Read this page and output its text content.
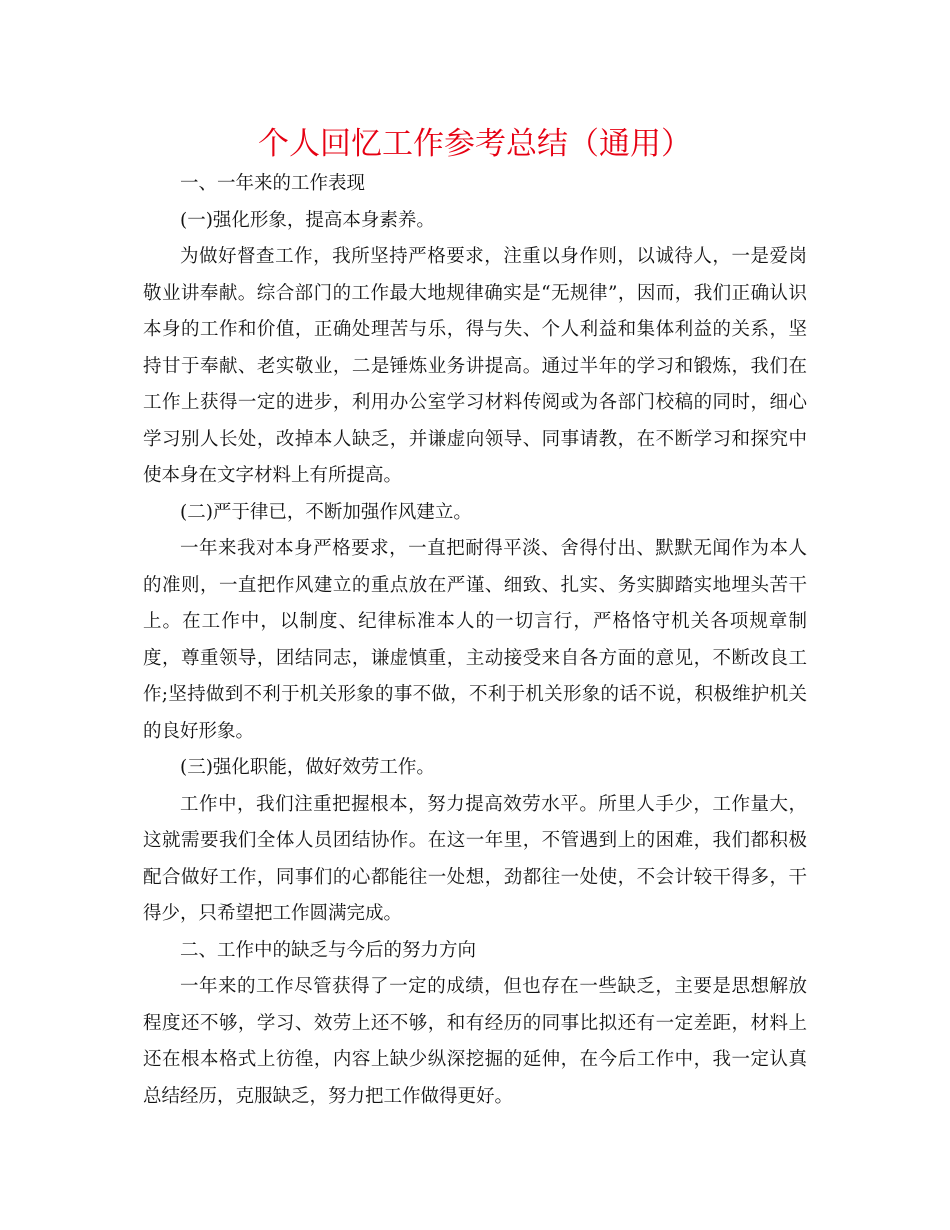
个人回忆工作参考总结（通用）

一、一年来的工作表现

(一)强化形象，提高本身素养。

为做好督查工作，我所坚持严格要求，注重以身作则，以诚待人，一是爱岗敬业讲奉献。综合部门的工作最大地规律确实是“无规律”，因而，我们正确认识本身的工作和价值，正确处理苦与乐，得与失、个人利益和集体利益的关系，坚持甘于奉献、老实敬业，二是锤炼业务讲提高。通过半年的学习和锻炼，我们在工作上获得一定的进步，利用办公室学习材料传阅或为各部门校稿的同时，细心学习别人长处，改掉本人缺乏，并谦虚向领导、同事请教，在不断学习和探究中使本身在文字材料上有所提高。

(二)严于律已，不断加强作风建立。

一年来我对本身严格要求，一直把耐得平淡、舍得付出、默默无闻作为本人的准则，一直把作风建立的重点放在严谨、细致、扎实、务实脚踏实地埋头苦干上。在工作中，以制度、纪律标准本人的一切言行，严格恪守机关各项规章制度，尊重领导，团结同志，谦虚慎重，主动接受来自各方面的意见，不断改良工作;坚持做到不利于机关形象的事不做，不利于机关形象的话不说，积极维护机关的良好形象。

(三)强化职能，做好效劳工作。

工作中，我们注重把握根本，努力提高效劳水平。所里人手少，工作量大，这就需要我们全体人员团结协作。在这一年里，不管遇到上的困难，我们都积极配合做好工作，同事们的心都能往一处想，劲都往一处使，不会计较干得多，干得少，只希望把工作圆满完成。

二、工作中的缺乏与今后的努力方向

一年来的工作尽管获得了一定的成绩，但也存在一些缺乏，主要是思想解放程度还不够，学习、效劳上还不够，和有经历的同事比拟还有一定差距，材料上还在根本格式上彷徨，内容上缺少纵深挖掘的延伸，在今后工作中，我一定认真总结经历，克服缺乏，努力把工作做得更好。
